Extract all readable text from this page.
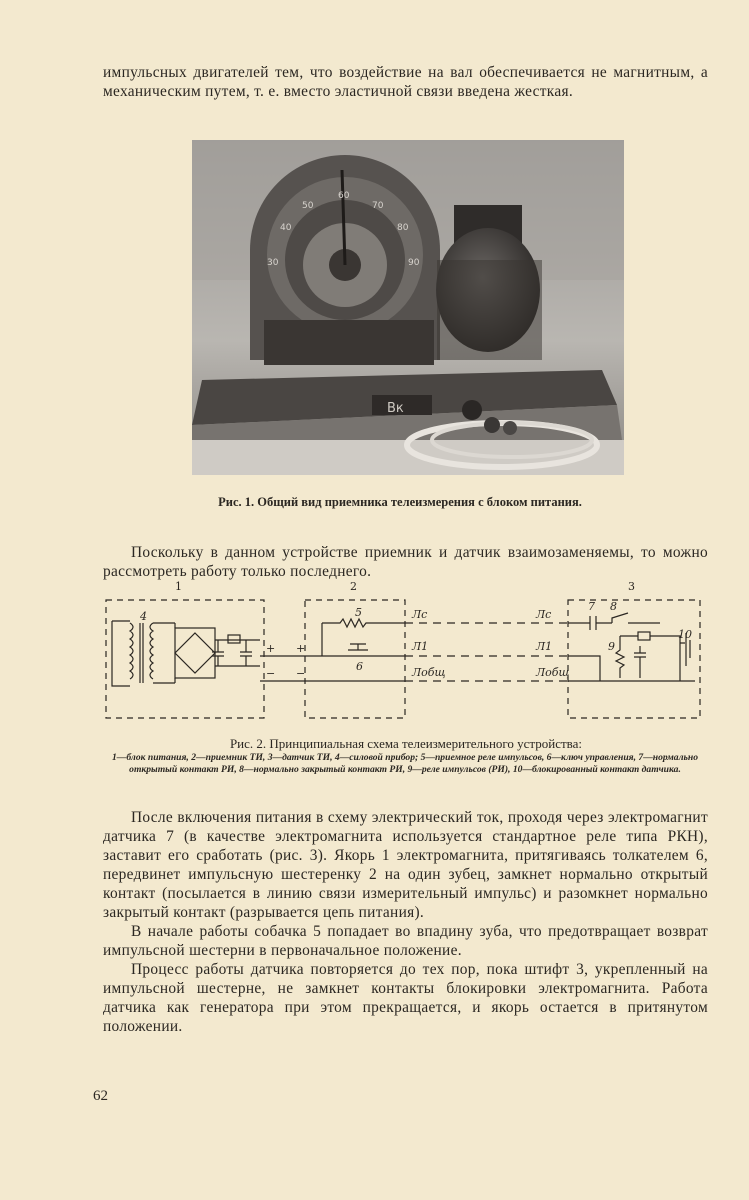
импульсных двигателей тем, что воздействие на вал обеспечивается не магнитным, а механическим путем, т. е. вместо эластичной связи введена жесткая.

30
40
50
60
70
80
90
Вк
Рис. 1. Общий вид приемника телеизмерения с блоком питания.

Поскольку в данном устройстве приемник и датчик взаимозаменяемы, то можно рассмотреть работу только последнего.

1	2	3
4	5
6
7 8
9
10
Лс
Л1
Лобщ
Лс
Л1
Лобщ
+
−
+
−
Рис. 2. Принципиальная схема телеизмерительного устройства:
1—блок питания, 2—приемник ТИ, 3—датчик ТИ, 4—силовой прибор; 5—приемное реле импульсов, 6—ключ управления, 7—нормально открытый контакт РИ, 8—нормально закрытый контакт РИ, 9—реле импульсов (РИ), 10—блокированный контакт датчика.

После включения питания в схему электрический ток, проходя через электромагнит датчика 7 (в качестве электромагнита используется стандартное реле типа РКН), заставит его сработать (рис. 3). Якорь 1 электромагнита, притягиваясь толкателем 6, передвинет импульсную шестеренку 2 на один зубец, замкнет нормально открытый контакт (посылается в линию связи измерительный импульс) и разомкнет нормально закрытый контакт (разрывается цепь питания).

В начале работы собачка 5 попадает во впадину зуба, что предотвращает возврат импульсной шестерни в первоначальное положение.

Процесс работы датчика повторяется до тех пор, пока штифт 3, укрепленный на импульсной шестерне, не замкнет контакты блокировки электромагнита. Работа датчика как генератора при этом прекращается, и якорь остается в притянутом положении.

62
